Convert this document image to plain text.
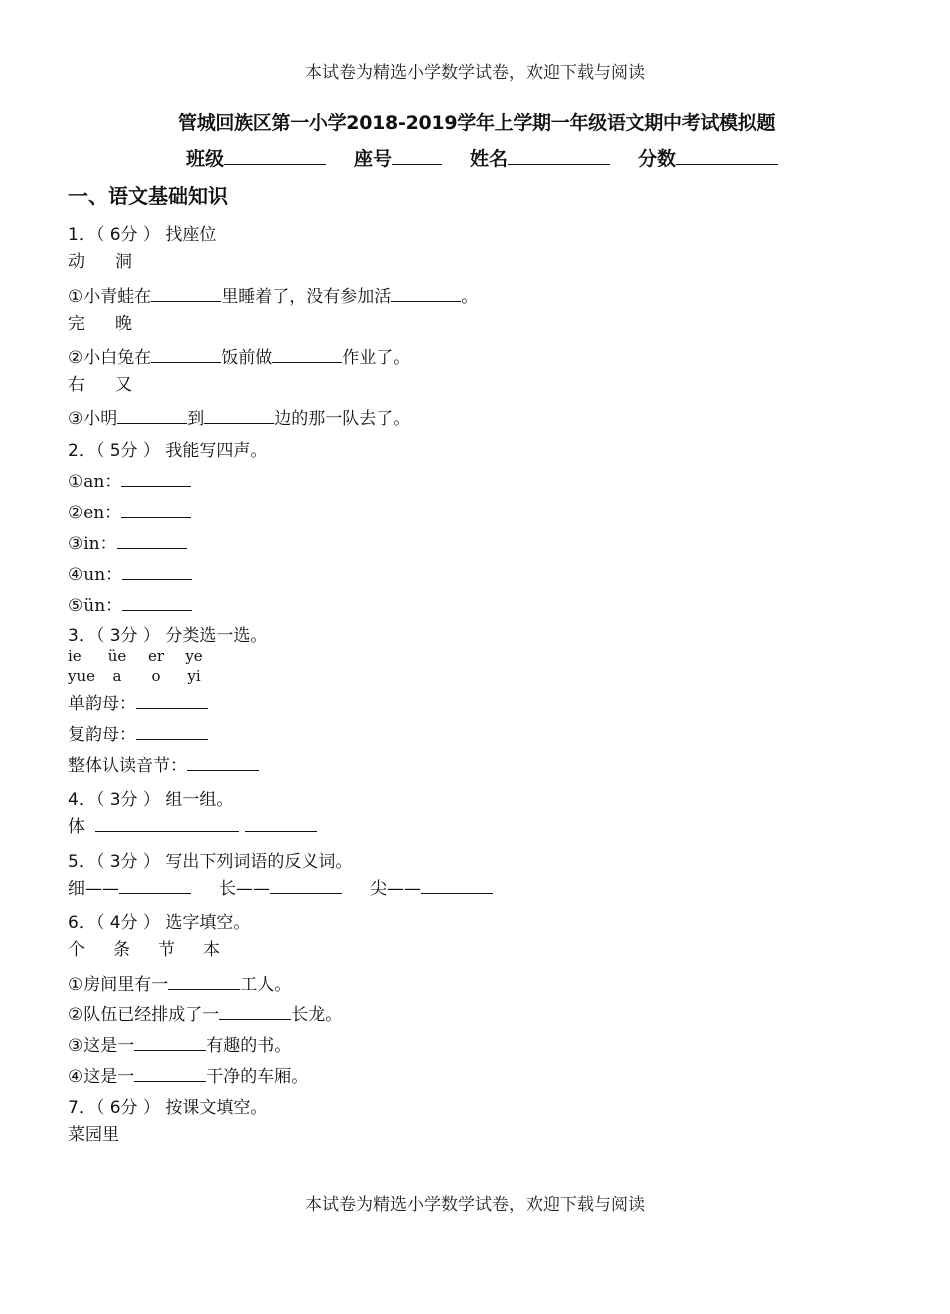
本试卷为精选小学数学试卷，欢迎下载与阅读
管城回族区第一小学2018-2019学年上学期一年级语文期中考试模拟题
班级	座号	姓名	分数
一、语文基础知识
1．（ 6分 ） 找座位
动 洞
①小青蛙在	里睡着了，没有参加活	。
完 晚
②小白兔在	饭前做	作业了。
右 又
③小明	到	边的那一队去了。
2．（ 5分 ） 我能写四声。
①an：
②en：
③in：
④un：
⑤ün：
3．（ 3分 ） 分类选一选。
ie üe er ye
yue a o yi
单韵母：
复韵母：
整体认读音节：
4．（ 3分 ） 组一组。
体
5．（ 3分 ） 写出下列词语的反义词。
细——	长——	尖——
6．（ 4分 ） 选字填空。
个 条 节 本
①房间里有一	工人。
②队伍已经排成了一	长龙。
③这是一	有趣的书。
④这是一	干净的车厢。
7．（ 6分 ） 按课文填空。
菜园里
本试卷为精选小学数学试卷，欢迎下载与阅读
